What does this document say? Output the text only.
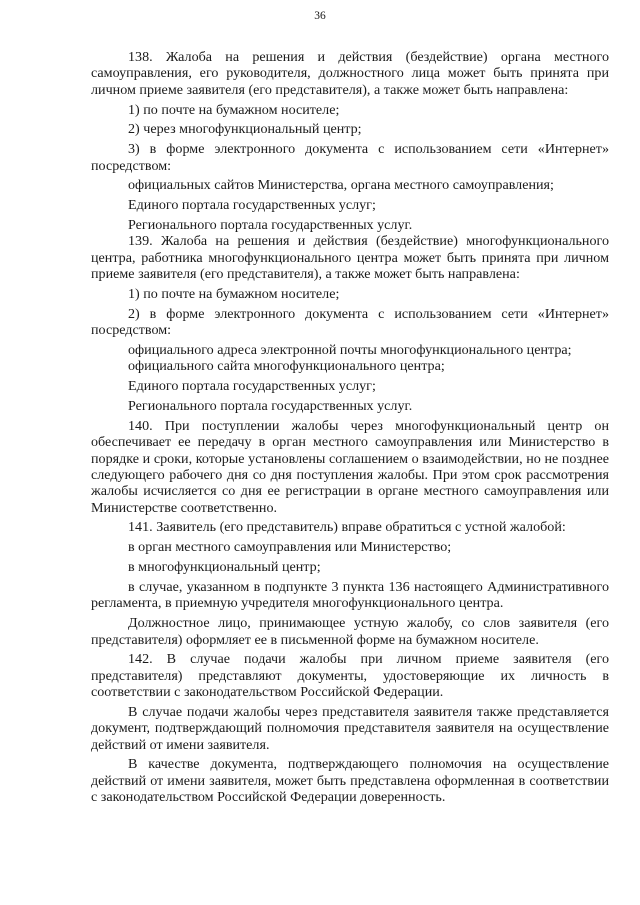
36

138. Жалоба на решения и действия (бездействие) органа местного самоуправления, его руководителя, должностного лица может быть принята при личном приеме заявителя (его представителя), а также может быть направлена:

1) по почте на бумажном носителе;

2) через многофункциональный центр;

3) в форме электронного документа с использованием сети «Интернет» посредством:

официальных сайтов Министерства, органа местного самоуправления;

Единого портала государственных услуг;

Регионального портала государственных услуг.

139. Жалоба на решения и действия (бездействие) многофункционального центра, работника многофункционального центра может быть принята при личном приеме заявителя (его представителя), а также может быть направлена:

1) по почте на бумажном носителе;

2) в форме электронного документа с использованием сети «Интернет» посредством:

официального адреса электронной почты многофункционального центра;

официального сайта многофункционального центра;

Единого портала государственных услуг;

Регионального портала государственных услуг.

140. При поступлении жалобы через многофункциональный центр он обеспечивает ее передачу в орган местного самоуправления или Министерство в порядке и сроки, которые установлены соглашением о взаимодействии, но не позднее следующего рабочего дня со дня поступления жалобы. При этом срок рассмотрения жалобы исчисляется со дня ее регистрации в органе местного самоуправления или Министерстве соответственно.

141. Заявитель (его представитель) вправе обратиться с устной жалобой:

в орган местного самоуправления или Министерство;

в многофункциональный центр;

в случае, указанном в подпункте 3 пункта 136 настоящего Административного регламента, в приемную учредителя многофункционального центра.

Должностное лицо, принимающее устную жалобу, со слов заявителя (его представителя) оформляет ее в письменной форме на бумажном носителе.

142. В случае подачи жалобы при личном приеме заявителя (его представителя) представляют документы, удостоверяющие их личность в соответствии с законодательством Российской Федерации.

В случае подачи жалобы через представителя заявителя также представляется документ, подтверждающий полномочия представителя заявителя на осуществление действий от имени заявителя.

В качестве документа, подтверждающего полномочия на осуществление действий от имени заявителя, может быть представлена оформленная в соответствии с законодательством Российской Федерации доверенность.
